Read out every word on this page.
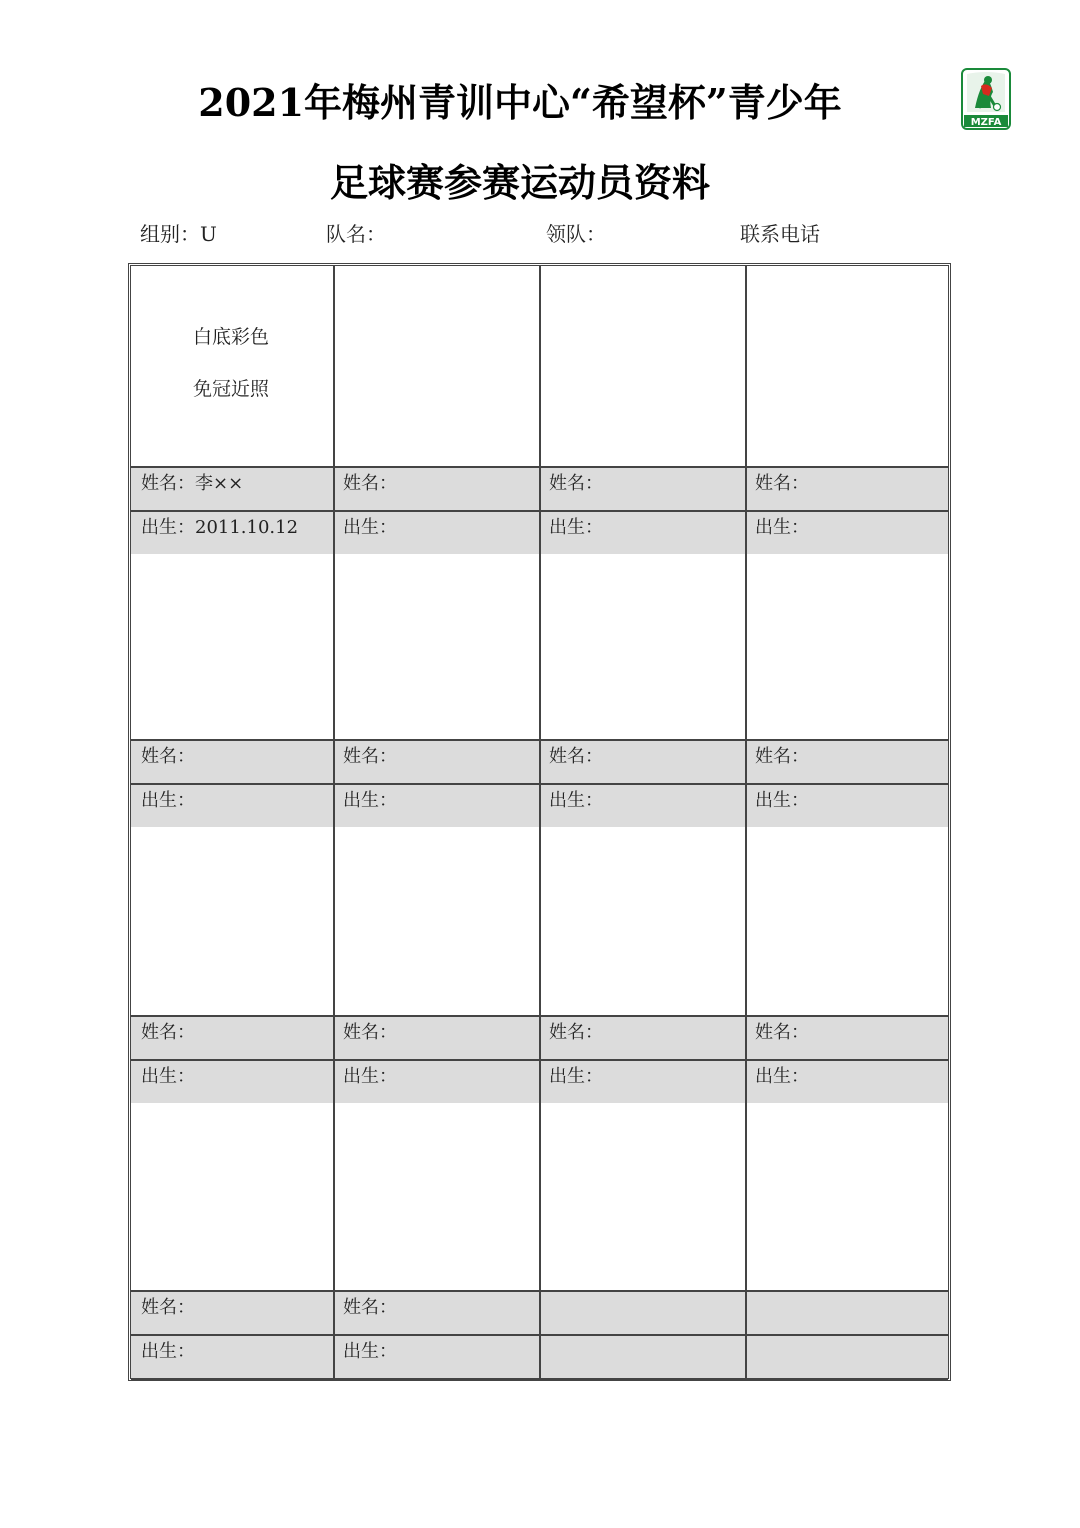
2021年梅州青训中心“希望杯”青少年
足球赛参赛运动员资料
MZFA
组别：U	队名：	领队：	联系电话
姓名：李××
出生：2011.10.12
姓名：
出生：
姓名：
出生：
姓名：
出生：
姓名：
出生：
姓名：
出生：
姓名：
出生：
姓名：
出生：
姓名：
出生：
姓名：
出生：
姓名：
出生：
姓名：
出生：
姓名：
出生：
姓名：
出生：
白底彩色
免冠近照
